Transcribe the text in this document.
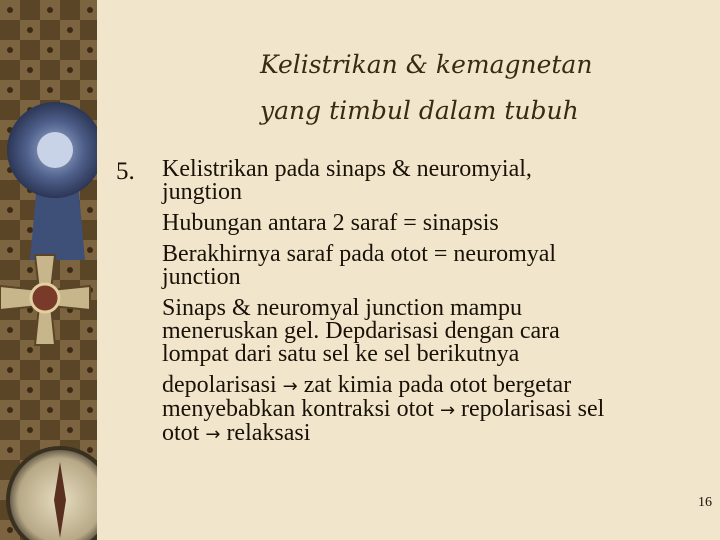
Kelistrikan & kemagnetan
yang timbul dalam tubuh
5. Kelistrikan pada sinaps & neuromyial,

jungtion

Hubungan antara 2 saraf = sinapsis

Berakhirnya saraf pada otot = neuromyal

junction

Sinaps & neuromyal junction mampu

meneruskan gel. Depdarisasi dengan cara

lompat dari satu sel ke sel berikutnya

depolarisasi → zat kimia pada otot bergetar

menyebabkan kontraksi otot → repolarisasi sel

otot → relaksasi

16
